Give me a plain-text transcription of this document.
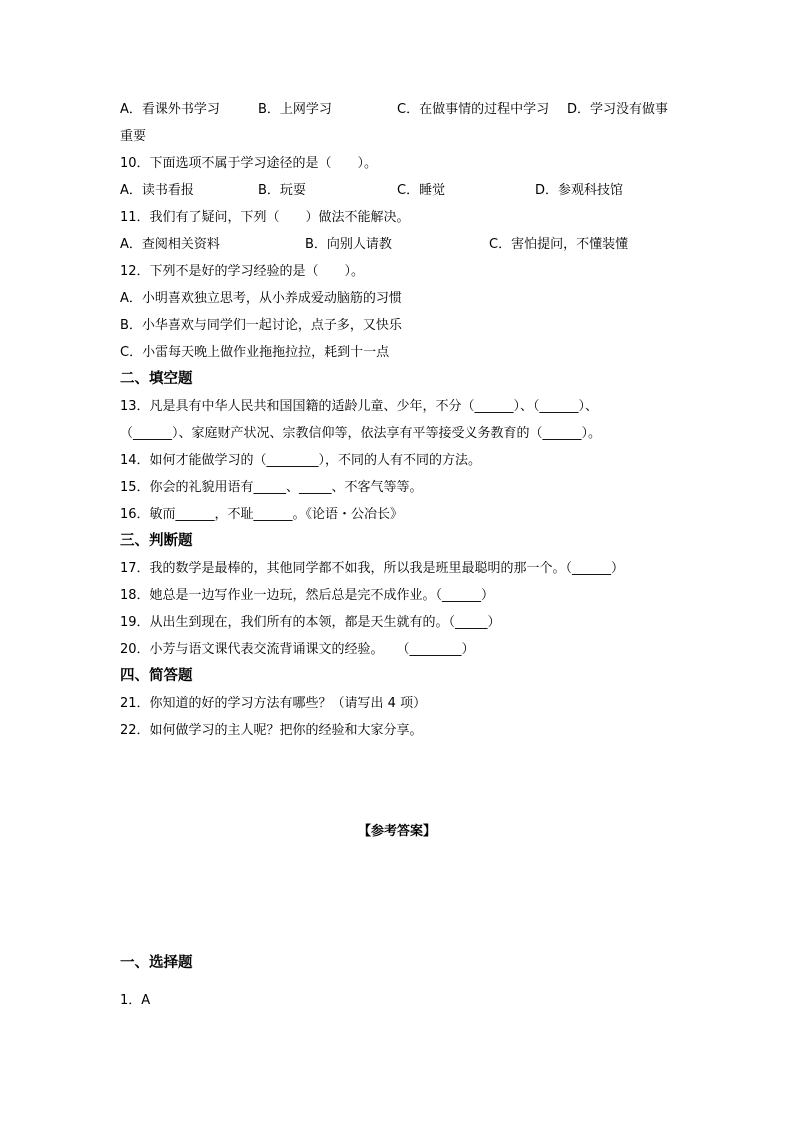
A．看课外书学习	B．上网学习	C．在做事情的过程中学习 D．学习没有做事
重要
10．下面选项不属于学习途径的是（　　）。
A．读书看报	B．玩耍	C．睡觉	D．参观科技馆
11．我们有了疑问，下列（　　）做法不能解决。
A．查阅相关资料	B．向别人请教	C．害怕提问，不懂装懂
12．下列不是好的学习经验的是（　　）。
A．小明喜欢独立思考，从小养成爱动脑筋的习惯
B．小华喜欢与同学们一起讨论，点子多，又快乐
C．小雷每天晚上做作业拖拖拉拉，耗到十一点
二、填空题
13．凡是具有中华人民共和国国籍的适龄儿童、少年，不分（______）、（______）、
（______）、家庭财产状况、宗教信仰等，依法享有平等接受义务教育的（______）。
14．如何才能做学习的（________），不同的人有不同的方法。
15．你会的礼貌用语有_____、_____、不客气等等。
16．敏而______，不耻______。《论语・公冶长》
三、判断题
17．我的数学是最棒的，其他同学都不如我，所以我是班里最聪明的那一个。（______）
18．她总是一边写作业一边玩，然后总是完不成作业。（______）
19．从出生到现在，我们所有的本领，都是天生就有的。（_____）
20．小芳与语文课代表交流背诵课文的经验。　　（________）
四、简答题
21．你知道的好的学习方法有哪些？（请写出 4 项）
22．如何做学习的主人呢？把你的经验和大家分享。
【参考答案】
一、选择题
1．A
